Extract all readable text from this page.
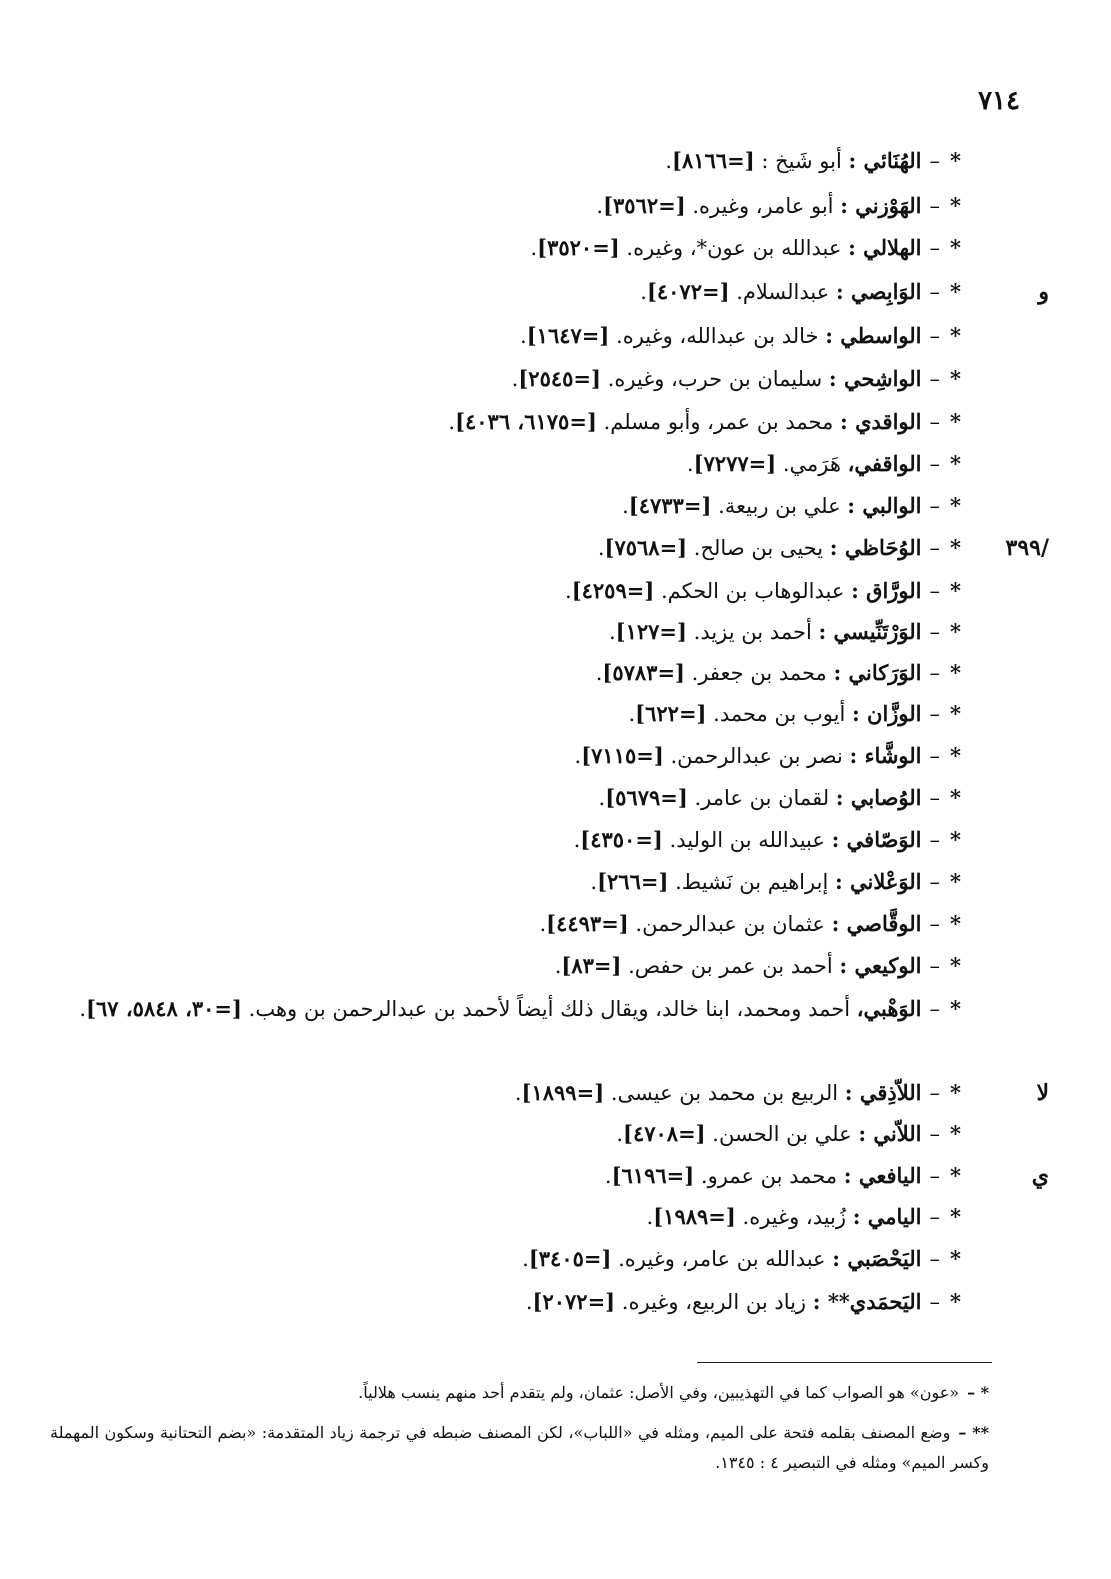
٧١٤
*–الهُنَائي : أبو شَيخ : [=٨١٦٦].
*–الهَوْزني : أبو عامر، وغيره. [=٣٥٦٢].
*–الهلالي : عبدالله بن عون*، وغيره. [=٣٥٢٠].
*–الوَابِصي : عبدالسلام. [=٤٠٧٢].	و
*–الواسطي : خالد بن عبدالله، وغيره. [=١٦٤٧].
*–الواشِحي : سليمان بن حرب، وغيره. [=٢٥٤٥].
*–الواقدي : محمد بن عمر، وأبو مسلم. [=٦١٧٥، ٤٠٣٦].
*–الواقفي، هَرَمي. [=٧٢٧٧].
*–الوالبي : علي بن ربيعة. [=٤٧٣٣].
*–الوُحَاظي : يحيى بن صالح. [=٧٥٦٨].	/٣٩٩
*–الورَّاق : عبدالوهاب بن الحكم. [=٤٢٥٩].
*–الوَرْتَنِّيسي : أحمد بن يزيد. [=١٢٧].
*–الوَرَكاني : محمد بن جعفر. [=٥٧٨٣].
*–الوزَّان : أيوب بن محمد. [=٦٢٢].
*–الوشَّاء : نصر بن عبدالرحمن. [=٧١١٥].
*–الوُصابي : لقمان بن عامر. [=٥٦٧٩].
*–الوَصّافي : عبيدالله بن الوليد. [=٤٣٥٠].
*–الوَعْلاني : إبراهيم بن نَشيط. [=٢٦٦].
*–الوقَّاصي : عثمان بن عبدالرحمن. [=٤٤٩٣].
*–الوكيعي : أحمد بن عمر بن حفص. [=٨٣].
*–الوَهْبي، أحمد ومحمد، ابنا خالد، ويقال ذلك أيضاً لأحمد بن عبدالرحمن بن وهب. [=٣٠، ٥٨٤٨، ٦٧].
*–اللاّذِقي : الربيع بن محمد بن عيسى. [=١٨٩٩].	لا
*–اللاّني : علي بن الحسن. [=٤٧٠٨].
*–اليافعي : محمد بن عمرو. [=٦١٩٦].	ي
*–اليامي : زُبيد، وغيره. [=١٩٨٩].
*–اليَحْصَبي : عبدالله بن عامر، وغيره. [=٣٤٠٥].
*–اليَحمَدي** : زياد بن الربيع، وغيره. [=٢٠٧٢].
* –«عون» هو الصواب كما في التهذيبين، وفي الأصل: عثمان، ولم يتقدم أحد منهم ينسب هلالياً.
** –وضع المصنف بقلمه فتحة على الميم، ومثله في «اللباب»، لكن المصنف ضبطه في ترجمة زياد المتقدمة: «بضم التحتانية وسكون المهملة وكسر الميم» ومثله في التبصير ٤ : ١٣٤٥.
